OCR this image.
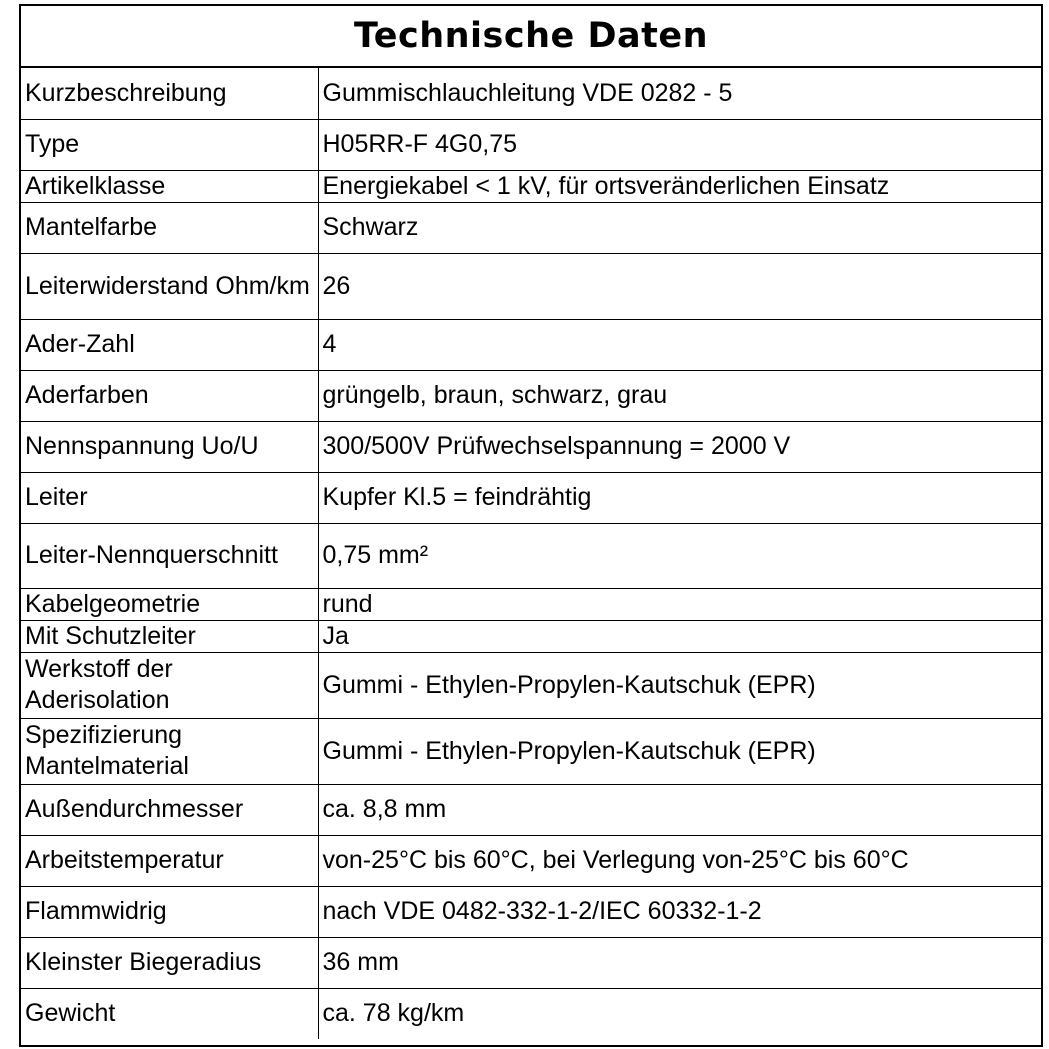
Technische Daten
Kurzbeschreibung	Gummischlauchleitung VDE 0282 - 5
Type	H05RR-F 4G0,75
Artikelklasse	Energiekabel < 1 kV, für ortsveränderlichen Einsatz
Mantelfarbe	Schwarz
Leiterwiderstand Ohm/km	26
Ader-Zahl	4
Aderfarben	grüngelb, braun, schwarz, grau
Nennspannung Uo/U	300/500V Prüfwechselspannung = 2000 V
Leiter	Kupfer Kl.5 = feindrähtig
Leiter-Nennquerschnitt	0,75 mm²
Kabelgeometrie	rund
Mit Schutzleiter	Ja
Werkstoff der Aderisolation	Gummi - Ethylen-Propylen-Kautschuk (EPR)
Spezifizierung Mantelmaterial	Gummi - Ethylen-Propylen-Kautschuk (EPR)
Außendurchmesser	ca. 8,8 mm
Arbeitstemperatur	von-25°C bis 60°C, bei Verlegung von-25°C bis 60°C
Flammwidrig	nach VDE 0482-332-1-2/IEC 60332-1-2
Kleinster Biegeradius	36 mm
Gewicht	ca. 78 kg/km
